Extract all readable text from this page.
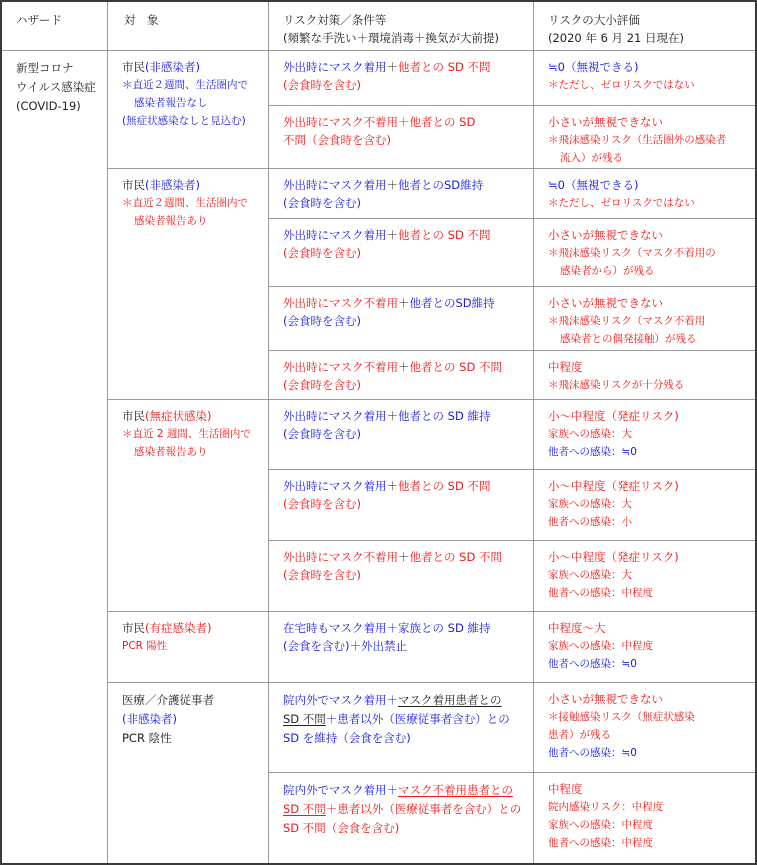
ハザード	対　象	リスク対策／条件等
(頻繁な手洗い＋環境消毒＋換気が大前提)
リスクの大小評価
(2020 年 6 月 21 日現在)
新型コロナ
ウイルス感染症
(COVID-19)
市民(非感染者)
＊直近２週間、生活圏内で
感染者報告なし
(無症状感染なしと見込む)
外出時にマスク着用＋他者との SD 不問
(会食時を含む)
≒0（無視できる)
＊ただし、ゼロリスクではない
外出時にマスク不着用＋他者との SD
不問（会食時を含む)
小さいが無視できない
＊飛沫感染リスク（生活圏外の感染者
流入）が残る
市民(非感染者)
＊直近２週間、生活圏内で
感染者報告あり
外出時にマスク着用＋他者とのSD維持
(会食時を含む)
≒0（無視できる)
＊ただし、ゼロリスクではない
外出時にマスク着用＋他者との SD 不問
(会食時を含む)
小さいが無視できない
＊飛沫感染リスク（マスク不着用の
感染者から）が残る
外出時にマスク不着用＋他者とのSD維持
(会食時を含む)
小さいが無視できない
＊飛沫感染リスク（マスク不着用
感染者との偶発接触）が残る
外出時にマスク不着用＋他者との SD 不問
(会食時を含む)
中程度
＊飛沫感染リスクが十分残る
市民(無症状感染)
＊直近 2 週間、生活圏内で
感染者報告あり
外出時にマスク着用＋他者との SD 維持
(会食時を含む)
小～中程度（発症リスク)
家族への感染：大
他者への感染：≒0
外出時にマスク着用＋他者との SD 不問
(会食時を含む)
小～中程度（発症リスク)
家族への感染：大
他者への感染：小
外出時にマスク不着用＋他者との SD 不問
(会食時を含む)
小～中程度（発症リスク)
家族への感染：大
他者への感染：中程度
市民(有症感染者)
PCR 陽性
在宅時もマスク着用＋家族との SD 維持
(会食を含む)＋外出禁止
中程度～大
家族への感染：中程度
他者への感染：≒0
医療／介護従事者
(非感染者)
PCR 陰性
院内外でマスク着用＋マスク着用患者との
SD 不問＋患者以外（医療従事者含む）との
SD を維持（会食を含む)
小さいが無視できない
＊接触感染リスク（無症状感染
患者）が残る
他者への感染：≒0
院内外でマスク着用＋マスク不着用患者との
SD 不問＋患者以外（医療従事者を含む）との
SD 不問（会食を含む)
中程度
院内感染リスク：中程度
家族への感染：中程度
他者への感染：中程度
